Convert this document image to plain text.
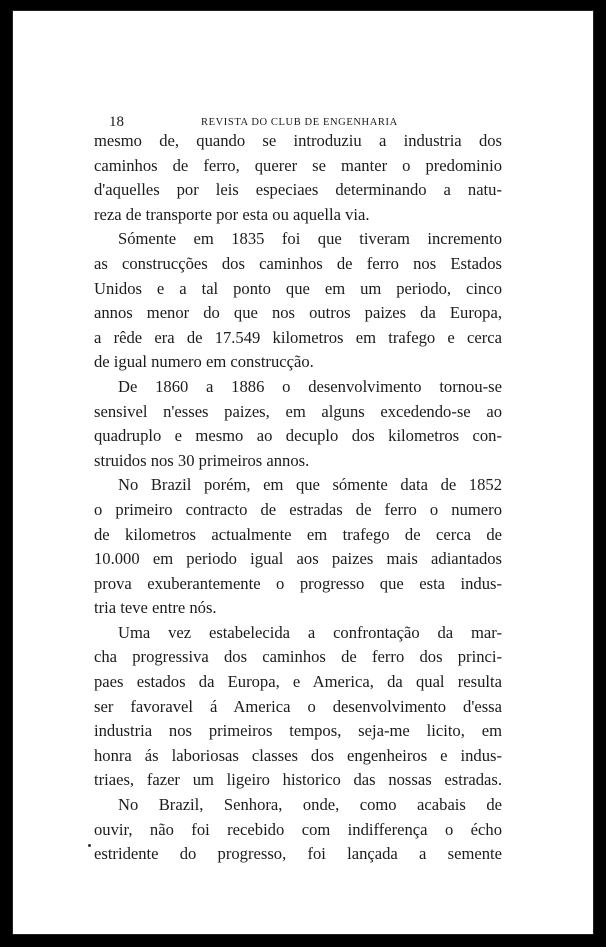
18	REVISTA DO CLUB DE ENGENHARIA
mesmo de, quando se introduziu a industria dos
caminhos de ferro, querer se manter o predominio
d'aquelles por leis especiaes determinando a natu-
reza de transporte por esta ou aquella via.
Sómente em 1835 foi que tiveram incremento
as construcções dos caminhos de ferro nos Estados
Unidos e a tal ponto que em um periodo, cinco
annos menor do que nos outros paizes da Europa,
a rêde era de 17.549 kilometros em trafego e cerca
de igual numero em construcção.
De 1860 a 1886 o desenvolvimento tornou-se
sensivel n'esses paizes, em alguns excedendo-se ao
quadruplo e mesmo ao decuplo dos kilometros con-
struidos nos 30 primeiros annos.
No Brazil porém, em que sómente data de 1852
o primeiro contracto de estradas de ferro o numero
de kilometros actualmente em trafego de cerca de
10.000 em periodo igual aos paizes mais adiantados
prova exuberantemente o progresso que esta indus-
tria teve entre nós.
Uma vez estabelecida a confrontação da mar-
cha progressiva dos caminhos de ferro dos princi-
paes estados da Europa, e America, da qual resulta
ser favoravel á America o desenvolvimento d'essa
industria nos primeiros tempos, seja-me licito, em
honra ás laboriosas classes dos engenheiros e indus-
triaes, fazer um ligeiro historico das nossas estradas.
No Brazil, Senhora, onde, como acabais de
ouvir, não foi recebido com indifferença o écho
estridente do progresso, foi lançada a semente
